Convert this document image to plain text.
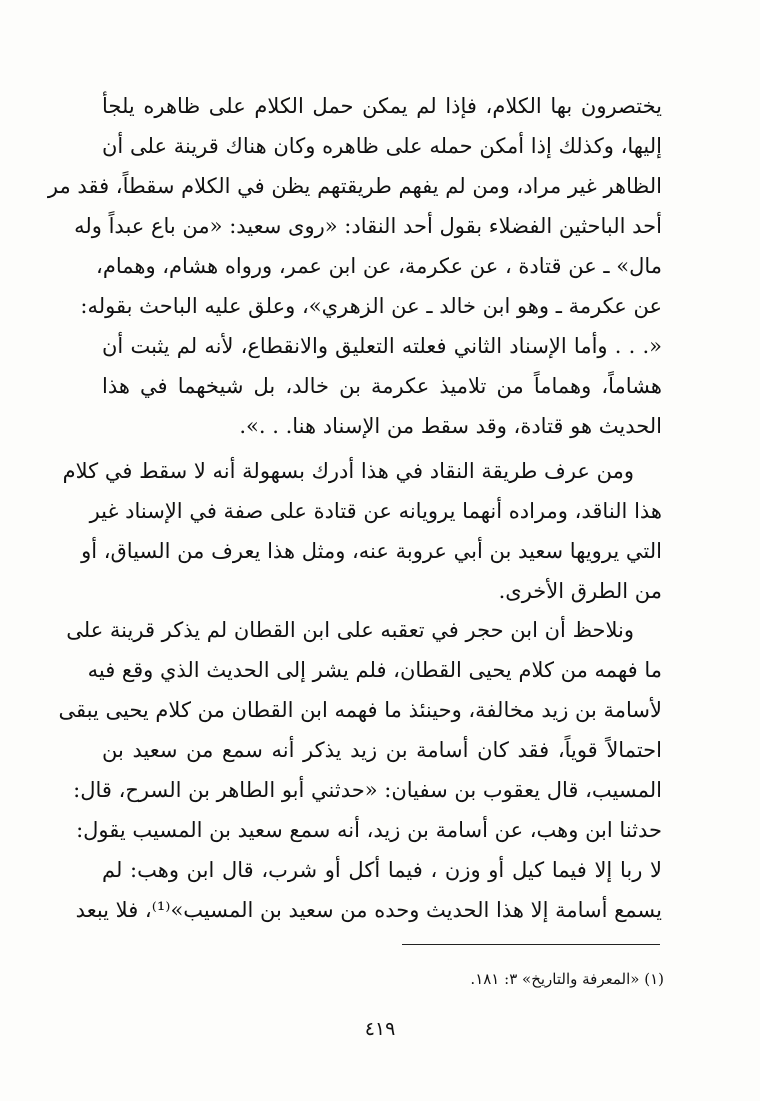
يختصرون بها الكلام، فإذا لم يمكن حمل الكلام على ظاهره يلجأ
إليها، وكذلك إذا أمكن حمله على ظاهره وكان هناك قرينة على أن
الظاهر غير مراد، ومن لم يفهم طريقتهم يظن في الكلام سقطاً، فقد مر
أحد الباحثين الفضلاء بقول أحد النقاد: «روى سعيد: «من باع عبداً وله
مال» ـ عن قتادة ، عن عكرمة، عن ابن عمر، ورواه هشام، وهمام،
عن عكرمة ـ وهو ابن خالد ـ عن الزهري»، وعلق عليه الباحث بقوله:
«. . . وأما الإسناد الثاني فعلته التعليق والانقطاع، لأنه لم يثبت أن
هشاماً، وهماماً من تلاميذ عكرمة بن خالد، بل شيخهما في هذا
الحديث هو قتادة، وقد سقط من الإسناد هنا. . .».
ومن عرف طريقة النقاد في هذا أدرك بسهولة أنه لا سقط في كلام
هذا الناقد، ومراده أنهما يرويانه عن قتادة على صفة في الإسناد غير
التي يرويها سعيد بن أبي عروبة عنه، ومثل هذا يعرف من السياق، أو
من الطرق الأخرى.
ونلاحظ أن ابن حجر في تعقبه على ابن القطان لم يذكر قرينة على
ما فهمه من كلام يحيى القطان، فلم يشر إلى الحديث الذي وقع فيه
لأسامة بن زيد مخالفة، وحينئذ ما فهمه ابن القطان من كلام يحيى يبقى
احتمالاً قوياً، فقد كان أسامة بن زيد يذكر أنه سمع من سعيد بن
المسيب، قال يعقوب بن سفيان: «حدثني أبو الطاهر بن السرح، قال:
حدثنا ابن وهب، عن أسامة بن زيد، أنه سمع سعيد بن المسيب يقول:
لا ربا إلا فيما كيل أو وزن ، فيما أكل أو شرب، قال ابن وهب: لم
يسمع أسامة إلا هذا الحديث وحده من سعيد بن المسيب»⁽¹⁾، فلا يبعد
(١) «المعرفة والتاريخ» ٣: ١٨١.
٤١٩
